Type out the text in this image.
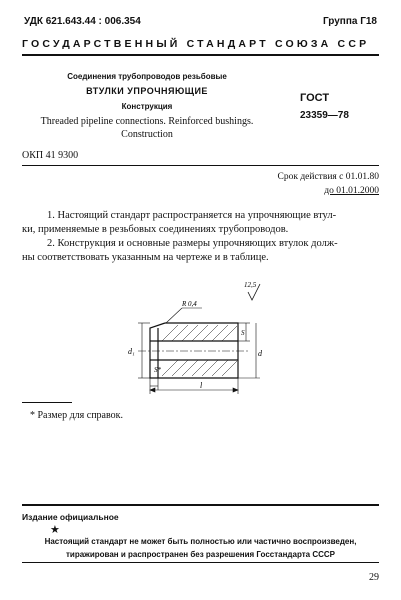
УДК 621.643.44 : 006.354	Группа Г18
ГОСУДАРСТВЕННЫЙ СТАНДАРТ СОЮЗА ССР
Соединения трубопроводов резьбовые
ВТУЛКИ УПРОЧНЯЮЩИЕ
Конструкция
Threaded pipeline connections. Reinforced bushings.
Construction
ГОСТ
23359—78
ОКП 41 9300
Срок действия с 01.01.80
до 01.01.2000
1. Настоящий стандарт распространяется на упрочняющие втул-
ки, применяемые в резьбовых соединениях трубопроводов.
2. Конструкция и основные размеры упрочняющих втулок долж-
ны соответствовать указанным на чертеже и в таблице.
12,5
R 0,4
d₁
S
d
S*
l
* Размер для справок.
Издание официальное
★
Настоящий стандарт не может быть полностью или частично воспроизведен,
тиражирован и распространен без разрешения Госстандарта СССР
29
